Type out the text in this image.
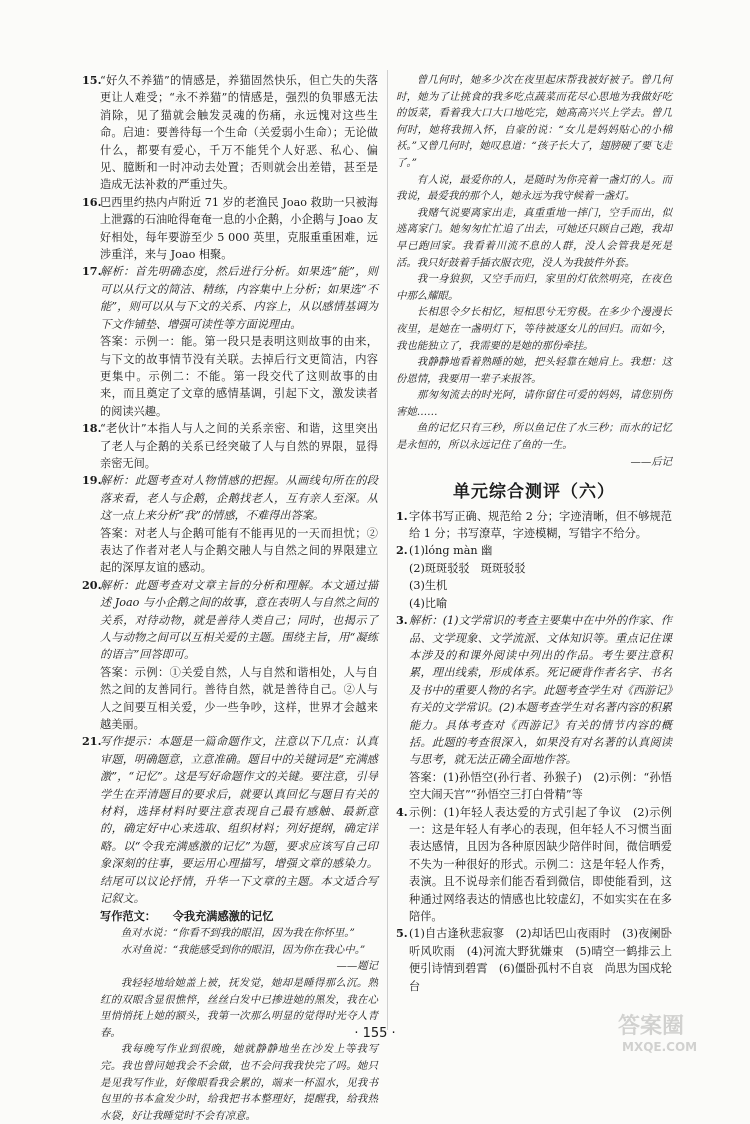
15.

“好久不养猫”的情感是，养猫固然快乐，但亡失的失落更让人难受；“永不养猫”的情感是，强烈的负罪感无法消除，见了猫就会触发灵魂的伤痛，永远愧对这些生命。启迪：要善待每一个生命（关爱弱小生命）；无论做什么，都要有爱心，千万不能凭个人好恶、私心、偏见、臆断和一时冲动去处置；否则就会出差错，甚至是造成无法补救的严重过失。

16.

巴西里约热内卢附近 71 岁的老渔民 Joao 救助一只被海上泄露的石油呛得奄奄一息的小企鹅，小企鹅与 Joao 友好相处，每年要游至少 5 000 英里，克服重重困难，远涉重洋，来与 Joao 相聚。

17.

解析：首先明确态度，然后进行分析。如果选“能”，则可以从行文的简洁、精练，内容集中上分析；如果选“不能”，则可以从与下文的关系、内容上，从以感情基调为下文作铺垫、增强可读性等方面说理由。

答案：示例一：能。第一段只是表明这则故事的由来，与下文的故事情节没有关联。去掉后行文更简洁，内容更集中。示例二：不能。第一段交代了这则故事的由来，而且奠定了文章的感情基调，引起下文，激发读者的阅读兴趣。

18.

“老伙计”本指人与人之间的关系亲密、和谐，这里突出了老人与企鹅的关系已经突破了人与自然的界限，显得亲密无间。

19.

解析：此题考查对人物情感的把握。从画线句所在的段落来看，老人与企鹅，企鹅找老人，互有亲人至深。从这一点上来分析“我”的情感，不难得出答案。

答案：对老人与企鹅可能有不能再见的一天而担忧；②表达了作者对老人与企鹅交融人与自然之间的界限建立起的深厚友谊的感动。

20.

解析：此题考查对文章主旨的分析和理解。本文通过描述 Joao 与小企鹅之间的故事，意在表明人与自然之间的关系，对待动物，就是善待人类自己；同时，也揭示了人与动物之间可以互相关爱的主题。围绕主旨，用“凝练的语言”回答即可。

答案：示例：①关爱自然，人与自然和谐相处，人与自然之间的友善同行。善待自然，就是善待自己。②人与人之间要互相关爱，少一些争吵，这样，世界才会越来越美丽。

21.

写作提示：本题是一篇命题作文，注意以下几点：认真审题，明确题意，立意准确。题目中的关键词是“充满感激”，“记忆”。这是写好命题作文的关键。要注意，引导学生在弄清题目的要求后，就要认真回忆与题目有关的材料，选择材料时要注意表现自己最有感触、最新意的，确定好中心来选取、组织材料；列好提纲，确定详略。以“令我充满感激的记忆”为题，要求应该写自己印象深刻的往事，要运用心理描写，增强文章的感染力。结尾可以议论抒情，升华一下文章的主题。本文适合写记叙文。

写作范文：　　 令我充满感激的记忆

鱼对水说：“你看不到我的眼泪，因为我在你怀里。”

水对鱼说：“我能感受到你的眼泪，因为你在我心中。”

——题记

我轻轻地给她盖上被，抚发觉，她却是睡得那么沉。熟红的双眼含显很憔悴，丝丝白发中已掺进她的黑发，我在心里悄悄抚上她的额头，我第一次那么明显的觉得时光夺人青春。

我每晚写作业到很晚，她就静静地坐在沙发上等我写完。我也曾问她我会不会做，也不会问我我快完了吗。她只是见我写作业，好像眼看我会累的，端来一杯温水，见我书包里的书本盒发少时，给我把书本整理好，提醒我，给我热水袋，好让我睡觉时不会有凉意。

曾几何时，她多少次在夜里起床帮我被好被子。曾几何时，她为了让挑食的我多吃点蔬菜而花尽心思地为我做好吃的饭菜，看着我大口大口地吃完，她高高兴兴上学去。曾几何时，她将我拥入怀，自豪的说：“女儿是妈妈贴心的小棉袄。”又曾几何时，她叹息道：“孩子长大了，翅膀硬了要飞走了。”

有人说，最爱你的人，是随时为你亮着一盏灯的人。而我说，最爱我的那个人，她永远为我守候着一盏灯。

我赌气说要离家出走，真重重地一摔门，空手而出，似逃离家门。她匆匆忙忙追了出去，可她还只顾自己跑，我却早已跑回家。我看着川流不息的人群，没人会管我是死是活。我只好鼓着手插衣服衣兜，没人为我披件外套。

我一身狼狈，又空手而归，家里的灯依然明亮，在夜色中那么耀眼。

长相思令夕长相忆，短相思兮无穷极。在多少个漫漫长夜里，是她在一盏明灯下，等待被逐女儿的回归。而如今，我也能独立了，我需要的是她的那份牵挂。

我静静地看着熟睡的她，把头轻靠在她肩上。我想：这份恩情，我要用一辈子来报答。

那匆匆流去的时光阿，请你留住可爱的妈妈，请您别伤害她……

鱼的记忆只有三秒，所以鱼记住了水三秒；而水的记忆是永恒的，所以永远记住了鱼的一生。

——后记
单元综合测评（六）
1. 字体书写正确、规范给 2 分；字迹清晰，但不够规范给 1 分；书写潦草，字迹模糊，写错字不给分。

2. (1)lóng màn 幽

(2)斑斑驳驳　斑斑驳驳

(3)生机

(4)比喻

3. 解析：(1)文学常识的考查主要集中在中外的作家、作品、文学现象、文学流派、文体知识等。重点记住课本涉及的和课外阅读中列出的作品。考生要注意积累，理出线索，形成体系。死记硬背作者名字、书名及书中的重要人物的名字。此题考查学生对《西游记》有关的文学常识。(2)本题考查学生对名著内容的积累能力。具体考查对《西游记》有关的情节内容的概括。此题的考查很深入，如果没有对名著的认真阅读与思考，就无法正确全面地作答。

答案：(1)孙悟空(孙行者、孙猴子)　(2)示例：“孙悟空大闹天宫”“孙悟空三打白骨精”等

4. 示例：(1)年轻人表达爱的方式引起了争议　(2)示例一：这是年轻人有孝心的表现，但年轻人不习惯当面表达感情，且因为各种原因缺少陪伴时间，微信晒爱不失为一种很好的形式。示例二：这是年轻人作秀，表演。且不说母亲们能否看到微信，即使能看到，这种通过网络表达的情感也比较虚幻，不如实实在在多陪伴。

5. (1)自古逢秋悲寂寥　(2)却话巴山夜雨时　(3)夜阑卧听风吹雨　(4)河流大野犹嫌束　(5)晴空一鹤排云上　便引诗情到碧霄　(6)僵卧孤村不自哀　尚思为国戍轮台

· 155 ·	答案圈
MXQE.COM
